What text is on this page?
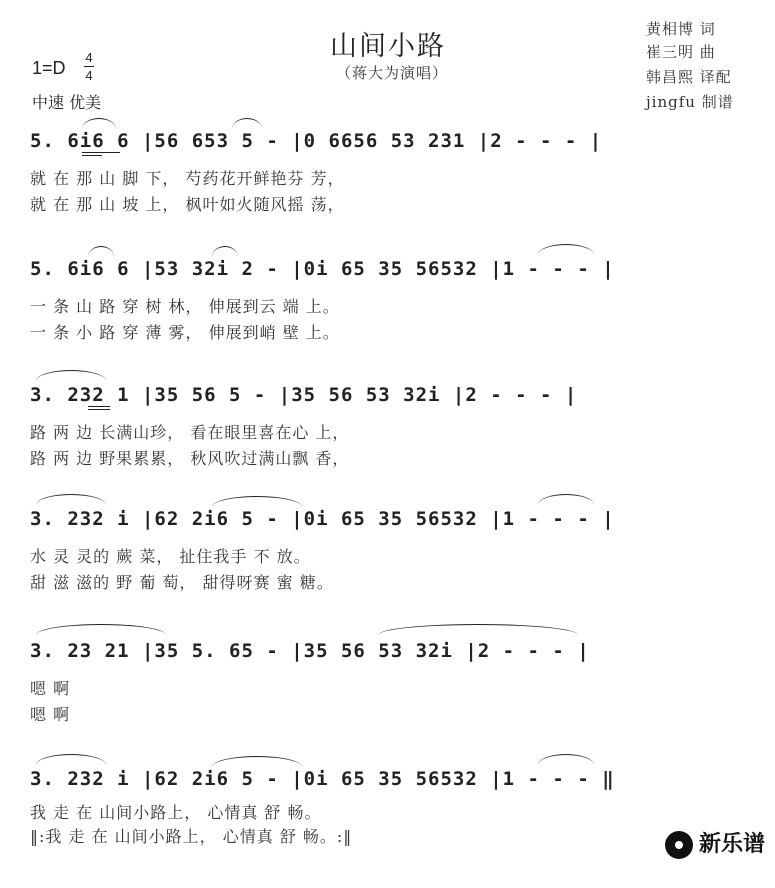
山间小路
（蒋大为演唱）
1=D
4
4
中速 优美
黄相博 词
崔三明 曲
韩昌熙 译配
jingfu 制谱
5. 6i6 6 |56 653 5 - |0 6656 53 231 |2 - - - |
就 在 那 山 脚 下， 芍药花开鲜艳芬 芳，
就 在 那 山 坡 上， 枫叶如火随风摇 荡，
5. 6i6 6 |53 32i 2 - |0i 65 35 56532 |1 - - - |
一 条 山 路 穿 树 林， 伸展到云 端 上。
一 条 小 路 穿 薄 雾， 伸展到峭 壁 上。
3. 232 1 |35 56 5 - |35 56 53 32i |2 - - - |
路 两 边 长满山珍， 看在眼里喜在心 上，
路 两 边 野果累累， 秋风吹过满山飘 香，
3. 232 i |62 2i6 5 - |0i 65 35 56532 |1 - - - |
水 灵 灵的 蕨 菜， 扯住我手 不 放。
甜 滋 滋的 野 葡 萄， 甜得呀赛 蜜 糖。
3. 23 21 |35 5. 65 - |35 56 53 32i |2 - - - |
嗯 啊
嗯 啊
3. 232 i |62 2i6 5 - |0i 65 35 56532 |1 - - - ‖
我 走 在 山间小路上， 心情真 舒 畅。
‖:我 走 在 山间小路上， 心情真 舒 畅。:‖	新乐谱
